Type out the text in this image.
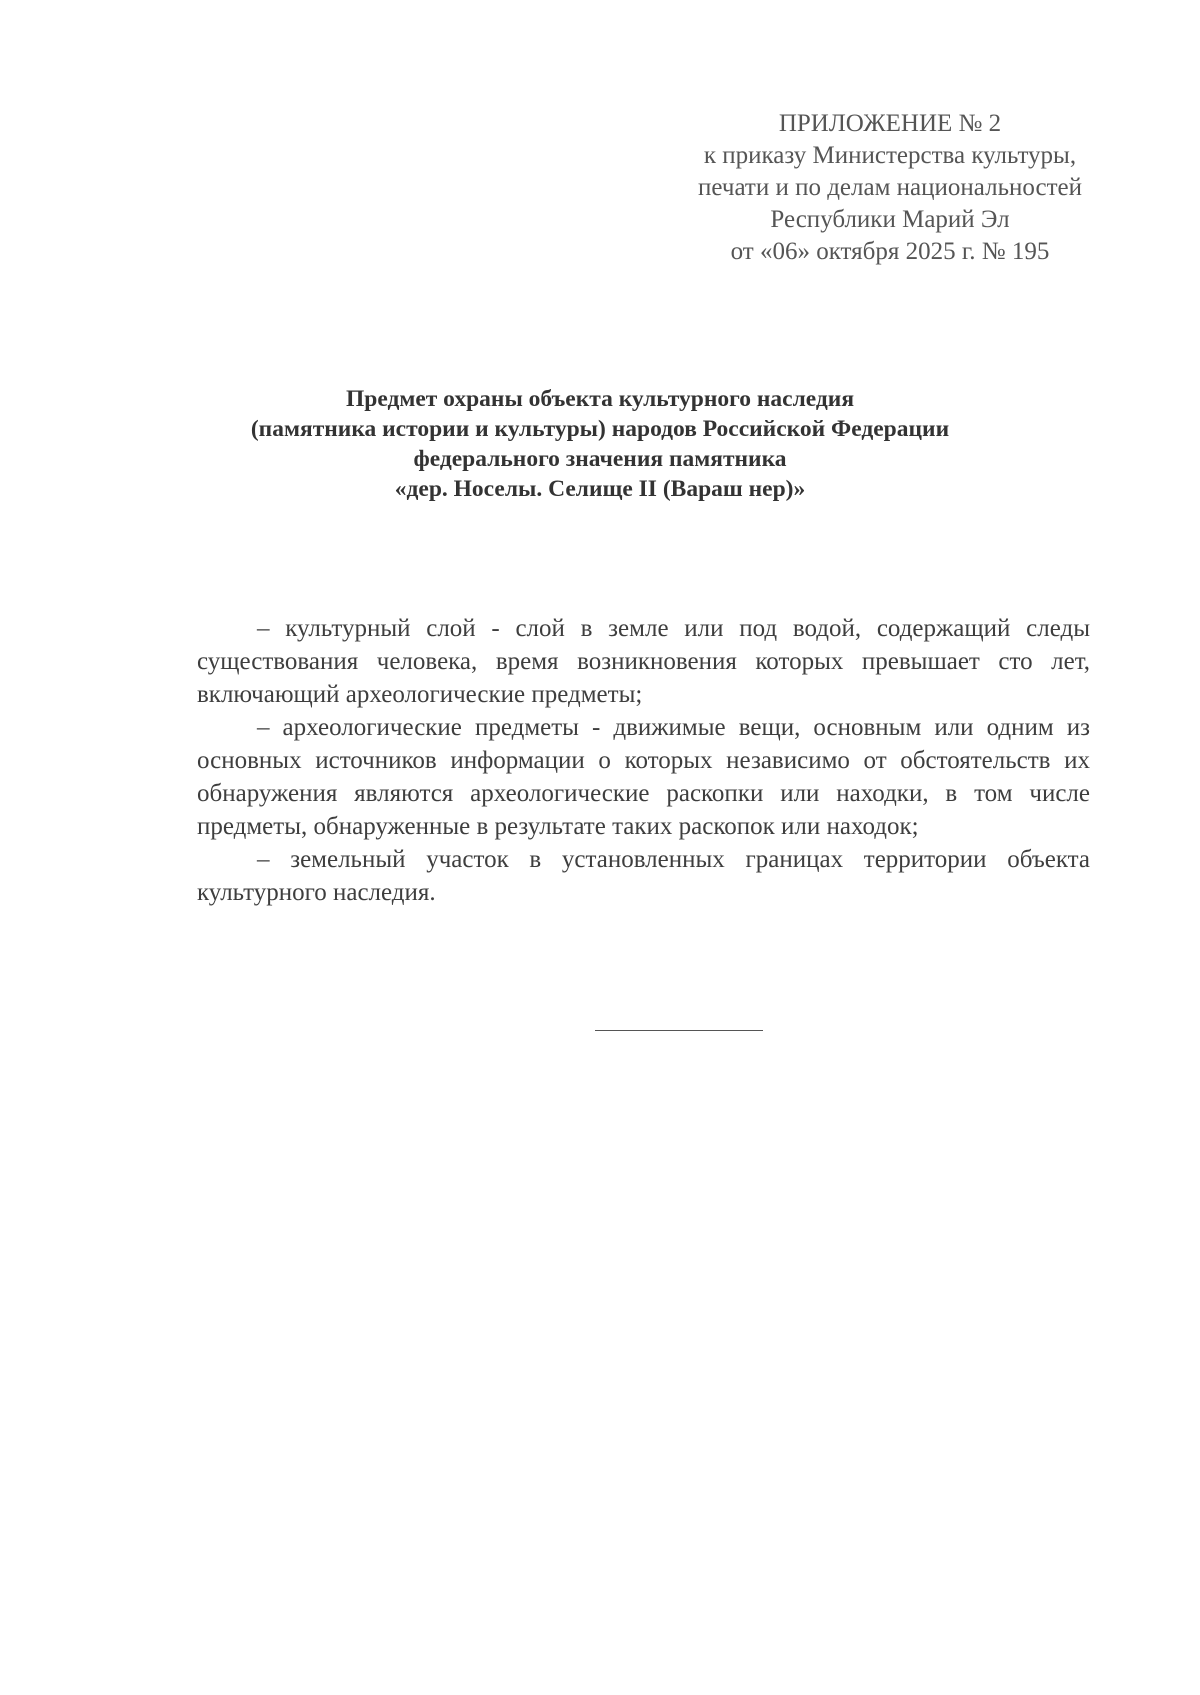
ПРИЛОЖЕНИЕ № 2
к приказу Министерства культуры,
печати и по делам национальностей
Республики Марий Эл
от «06» октября 2025 г. № 195
Предмет охраны объекта культурного наследия
(памятника истории и культуры) народов Российской Федерации
федерального значения памятника
«дер. Носелы. Селище II (Вараш нер)»

– культурный слой - слой в земле или под водой, содержащий следы существования человека, время возникновения которых превышает сто лет, включающий археологические предметы;

– археологические предметы - движимые вещи, основным или одним из основных источников информации о которых независимо от обстоятельств их обнаружения являются археологические раскопки или находки, в том числе предметы, обнаруженные в результате таких раскопок или находок;

– земельный участок в установленных границах территории объекта культурного наследия.
